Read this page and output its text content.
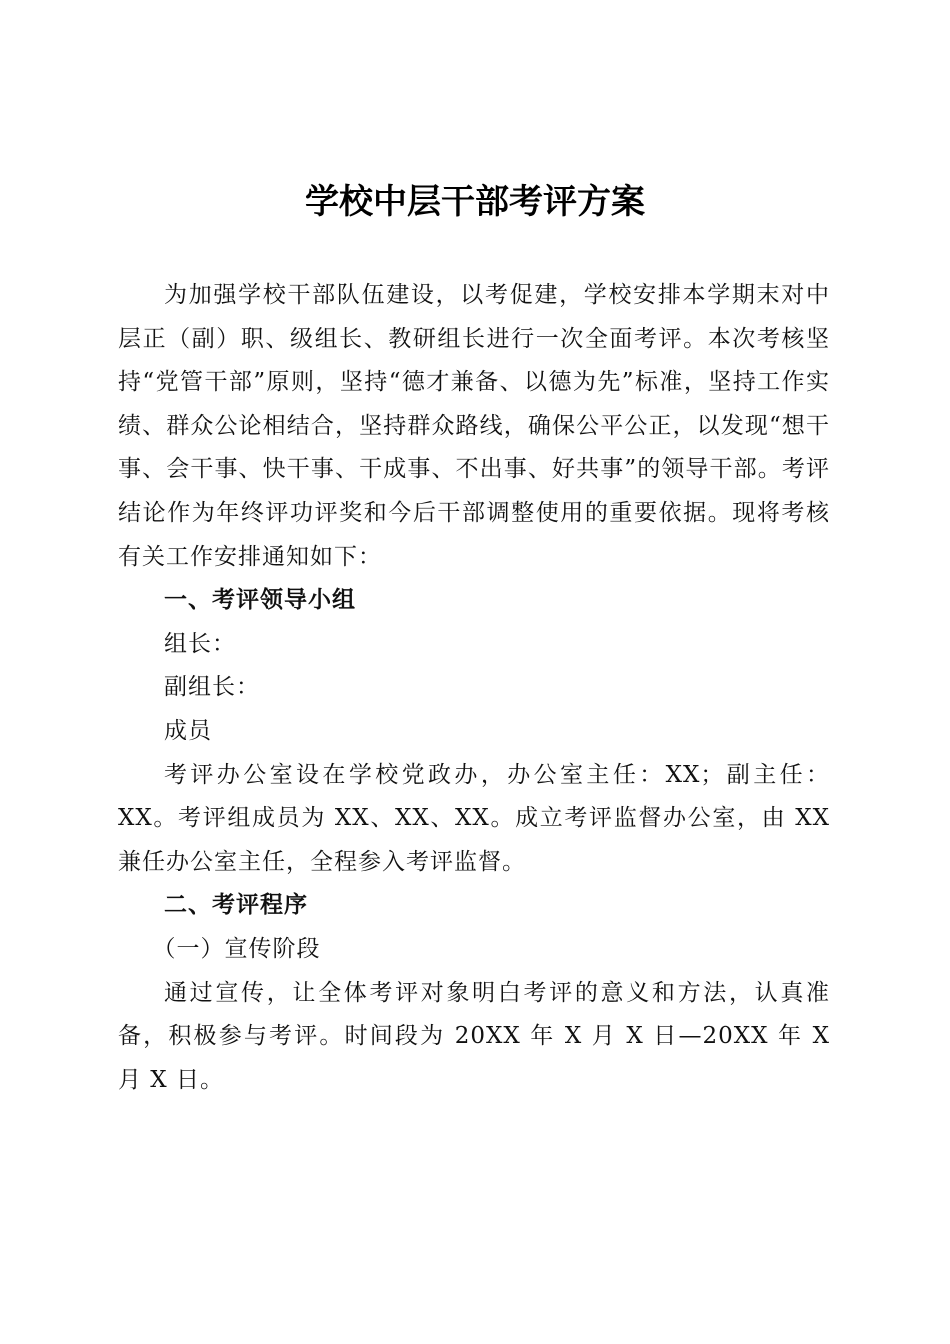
学校中层干部考评方案

为加强学校干部队伍建设，以考促建，学校安排本学期末对中层正（副）职、级组长、教研组长进行一次全面考评。本次考核坚持“党管干部”原则，坚持“德才兼备、以德为先”标准，坚持工作实绩、群众公论相结合，坚持群众路线，确保公平公正，以发现“想干事、会干事、快干事、干成事、不出事、好共事”的领导干部。考评结论作为年终评功评奖和今后干部调整使用的重要依据。现将考核有关工作安排通知如下：

一、考评领导小组

组长：

副组长：

成员

考评办公室设在学校党政办，办公室主任：XX；副主任：XX。考评组成员为 XX、XX、XX。成立考评监督办公室，由 XX 兼任办公室主任，全程参入考评监督。

二、考评程序

（一）宣传阶段

通过宣传，让全体考评对象明白考评的意义和方法，认真准备，积极参与考评。时间段为 20XX 年 X 月 X 日—20XX 年 X 月 X 日。
